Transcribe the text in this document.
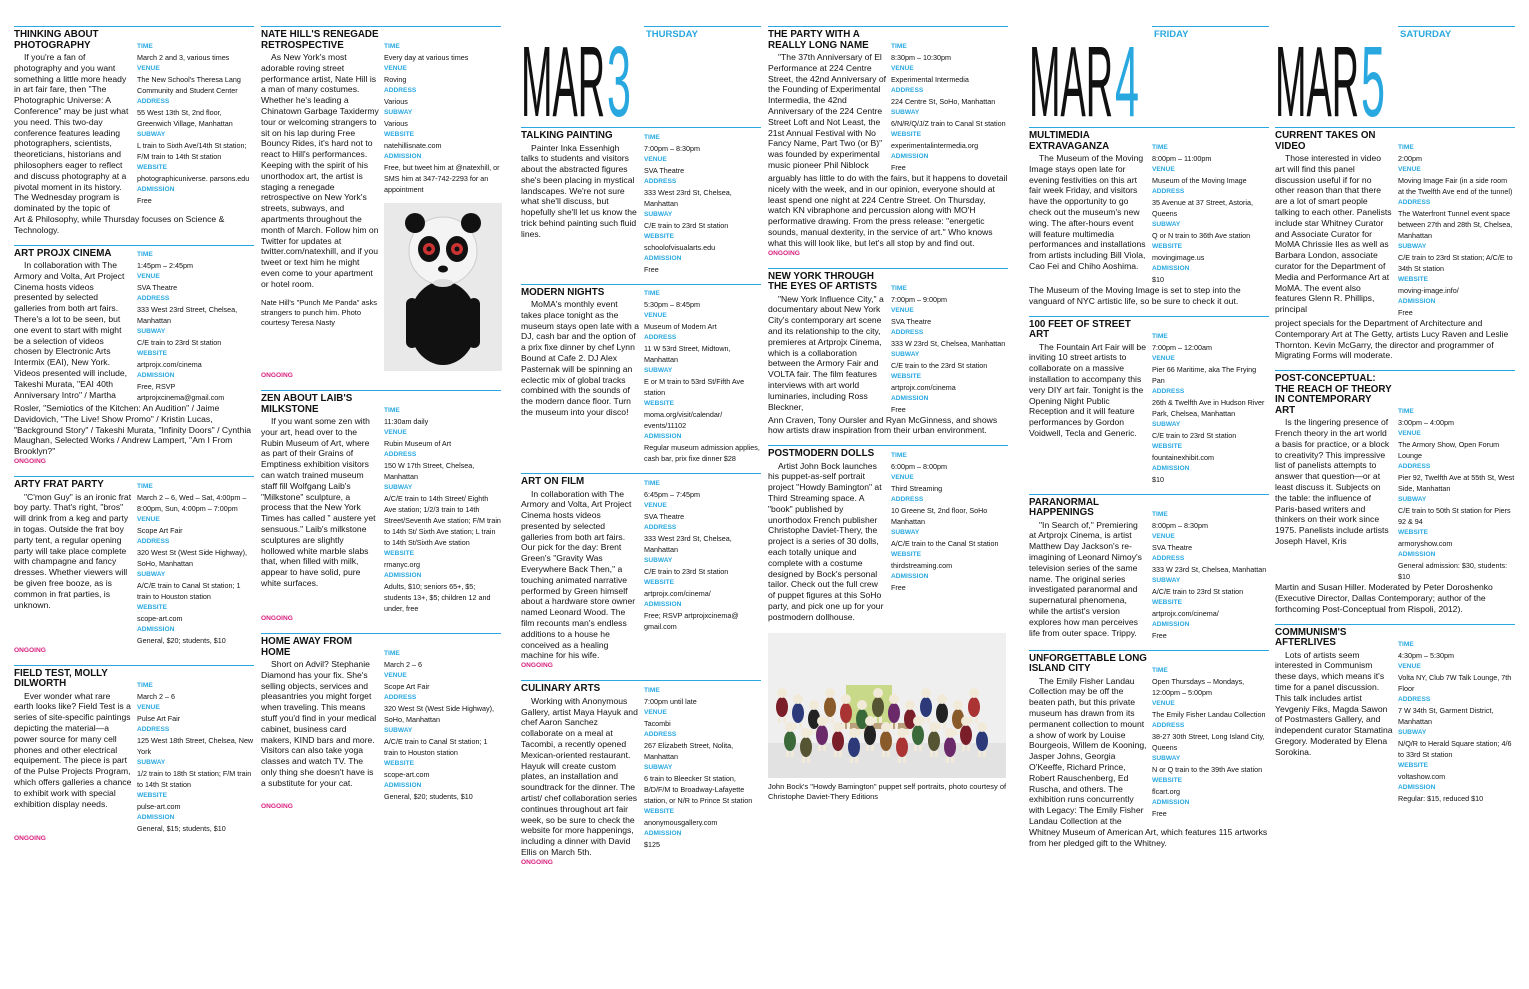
THINKING ABOUT PHOTOGRAPHY

If you're a fan of photography and you want something a little more heady in art fair fare, then "The Photographic Universe: A Conference" may be just what you need. This two-day conference features leading photographers, scientists, theoreticians, historians and philosophers eager to reflect and discuss photography at a pivotal moment in its history. The Wednesday program is dominated by the topic of

TIME
March 2 and 3, various times
VENUE
The New School's Theresa Lang Community and Student Center
ADDRESS
55 West 13th St, 2nd floor, Greenwich Village, Manhattan
SUBWAY
L train to Sixth Ave/14th St station; F/M train to 14th St station
WEBSITE
photographicuniverse. parsons.edu
ADMISSION
Free

Art & Philosophy, while Thursday focuses on Science & Technology.

ART PROJX CINEMA

In collaboration with The Armory and Volta, Art Project Cinema hosts videos presented by selected galleries from both art fairs. There's a lot to be seen, but one event to start with might be a selection of videos chosen by Electronic Arts Intermix (EAI), New York. Videos presented will include, Takeshi Murata, "EAI 40th Anniversary Intro" / Martha

TIME
1:45pm – 2:45pm
VENUE
SVA Theatre
ADDRESS
333 West 23rd Street, Chelsea, Manhattan
SUBWAY
C/E train to 23rd St station
WEBSITE
artprojx.com/cinema
ADMISSION
Free, RSVP artprojxcinema@gmail.com

Rosler, "Semiotics of the Kitchen: An Audition" / Jaime Davidovich, "The Live! Show Promo" / Kristin Lucas, "Background Story" / Takeshi Murata, "Infinity Doors" / Cynthia Maughan, Selected Works / Andrew Lampert, "Am I From Brooklyn?"

ONGOING
ARTY FRAT PARTY

"C'mon Guy" is an ironic frat boy party. That's right, "bros" will drink from a keg and party in togas. Outside the frat boy party tent, a regular opening party will take place complete with champagne and fancy dresses. Whether viewers will be given free booze, as is common in frat parties, is unknown.

TIME
March 2 – 6, Wed – Sat, 4:00pm – 8:00pm, Sun, 4:00pm – 7:00pm
VENUE
Scope Art Fair
ADDRESS
320 West St (West Side Highway), SoHo, Manhattan
SUBWAY
A/C/E train to Canal St station; 1 train to Houston station
WEBSITE
scope-art.com
ADMISSION
General, $20; students, $10
ONGOING
FIELD TEST, MOLLY DILWORTH

Ever wonder what rare earth looks like? Field Test is a series of site-specific paintings depicting the material—a power source for many cell phones and other electrical equipement. The piece is part of the Pulse Projects Program, which offers galleries a chance to exhibit work with special exhibition display needs.

TIME
March 2 – 6
VENUE
Pulse Art Fair
ADDRESS
125 West 18th Street, Chelsea, New York
SUBWAY
1/2 train to 18th St station; F/M train to 14th St station
WEBSITE
pulse-art.com
ADMISSION
General, $15; students, $10
ONGOING
NATE HILL'S RENEGADE RETROSPECTIVE

As New York's most adorable roving street performance artist, Nate Hill is a man of many costumes. Whether he's leading a Chinatown Garbage Taxidermy tour or welcoming strangers to sit on his lap during Free Bouncy Rides, it's hard not to react to Hill's performances. Keeping with the spirit of his unorthodox art, the artist is staging a renegade retrospective on New York's streets, subways, and apartments throughout the month of March. Follow him on Twitter for updates at twitter.com/natexhill, and if you tweet or text him he might even come to your apartment or hotel room.

Nate Hill's "Punch Me Panda" asks strangers to punch him. Photo courtesy Teresa Nasty
TIME
Every day at various times
VENUE
Roving
ADDRESS
Various
SUBWAY
Various
WEBSITE
natehillisnate.com
ADMISSION
Free, but tweet him at @natexhill, or SMS him at 347-742-2293 for an appointment
ONGOING
ZEN ABOUT LAIB'S MILKSTONE

If you want some zen with your art, head over to the Rubin Museum of Art, where as part of their Grains of Emptiness exhibition visitors can watch trained museum staff fill Wolfgang Laib's "Milkstone" sculpture, a process that the New York Times has called " austere yet sensuous." Laib's milkstone sculptures are slightly hollowed white marble slabs that, when filled with milk, appear to have solid, pure white surfaces.

TIME
11:30am daily
VENUE
Rubin Museum of Art
ADDRESS
150 W 17th Street, Chelsea, Manhattan
SUBWAY
A/C/E train to 14th Street/ Eighth Ave station; 1/2/3 train to 14th Street/Seventh Ave station; F/M train to 14th St/ Sixth Ave station; L train to 14th St/Sixth Ave station
WEBSITE
rmanyc.org
ADMISSION
Adults, $10; seniors 65+, $5; students 13+, $5; children 12 and under, free
ONGOING
HOME AWAY FROM HOME

Short on Advil? Stephanie Diamond has your fix. She's selling objects, services and pleasantries you might forget when traveling. This means stuff you'd find in your medical cabinet, business card makers, KIND bars and more. Visitors can also take yoga classes and watch TV. The only thing she doesn't have is a substitute for your cat.

TIME
March 2 – 6
VENUE
Scope Art Fair
ADDRESS
320 West St (West Side Highway), SoHo, Manhattan
SUBWAY
A/C/E train to Canal St station; 1 train to Houston station
WEBSITE
scope-art.com
ADMISSION
General, $20; students, $10
ONGOING
MAR 3 THURSDAY
TALKING PAINTING

Painter Inka Essenhigh talks to students and visitors about the abstracted figures she's been placing in mystical landscapes. We're not sure what she'll discuss, but hopefully she'll let us know the trick behind painting such fluid lines.

TIME
7:00pm – 8:30pm
VENUE
SVA Theatre
ADDRESS
333 West 23rd St, Chelsea, Manhattan
SUBWAY
C/E train to 23rd St station
WEBSITE
schoolofvisualarts.edu
ADMISSION
Free
MODERN NIGHTS

MoMA's monthly event takes place tonight as the museum stays open late with a DJ, cash bar and the option of a prix fixe dinner by chef Lynn Bound at Cafe 2. DJ Alex Pasternak will be spinning an eclectic mix of global tracks combined with the sounds of the modern dance floor. Turn the museum into your disco!

TIME
5:30pm – 8:45pm
VENUE
Museum of Modern Art
ADDRESS
11 W 53rd Street, Midtown, Manhattan
SUBWAY
E or M train to 53rd St/Fifth Ave station
WEBSITE
moma.org/visit/calendar/ events/11102
ADMISSION
Regular museum admission applies, cash bar, prix fixe dinner $28
ART ON FILM

In collaboration with The Armory and Volta, Art Project Cinema hosts videos presented by selected galleries from both art fairs. Our pick for the day: Brent Green's "Gravity Was Everywhere Back Then," a touching animated narrative performed by Green himself about a hardware store owner named Leonard Wood. The film recounts man's endless additions to a house he conceived as a healing machine for his wife.

TIME
6:45pm – 7:45pm
VENUE
SVA Theatre
ADDRESS
333 West 23rd St, Chelsea, Manhattan
SUBWAY
C/E train to 23rd St station
WEBSITE
artprojx.com/cinema/
ADMISSION
Free; RSVP artprojxcinema@ gmail.com
ONGOING
CULINARY ARTS

Working with Anonymous Gallery, artist Maya Hayuk and chef Aaron Sanchez collaborate on a meal at Tacombi, a recently opened Mexican-oriented restaurant. Hayuk will create custom plates, an installation and soundtrack for the dinner. The artist/ chef collaboration series continues throughout art fair week, so be sure to check the website for more happenings, including a dinner with David Ellis on March 5th.

TIME
7:00pm until late
VENUE
Tacombi
ADDRESS
267 Elizabeth Street, Nolita, Manhattan
SUBWAY
6 train to Bleecker St station, B/D/F/M to Broadway-Lafayette station, or N/R to Prince St station
WEBSITE
anonymousgallery.com
ADMISSION
$125
ONGOING
THE PARTY WITH A REALLY LONG NAME

"The 37th Anniversary of El Performance at 224 Centre Street, the 42nd Anniversary of the Founding of Experimental Intermedia, the 42nd Anniversary of the 224 Centre Street Loft and Not Least, the 21st Annual Festival with No Fancy Name, Part Two (or B)" was founded by experimental music pioneer Phil Niblock

TIME
8:30pm – 10:30pm
VENUE
Experimental Intermedia
ADDRESS
224 Centre St, SoHo, Manhattan
SUBWAY
6/N/R/Q/J/Z train to Canal St station
WEBSITE
experimentalintermedia.org
ADMISSION
Free

arguably has little to do with the fairs, but it happens to dovetail nicely with the week, and in our opinion, everyone should at least spend one night at 224 Centre Street. On Thursday, watch KN vibraphone and percussion along with MO'H performative drawing. From the press release: "energetic sounds, manual dexterity, in the service of art." Who knows what this will look like, but let's all stop by and find out.

ONGOING
NEW YORK THROUGH THE EYES OF ARTISTS

"New York Influence City," a documentary about New York City's contemporary art scene and its relationship to the city, premieres at Artprojx Cinema, which is a collaboration between the Armory Fair and VOLTA fair. The film features interviews with art world luminaries, including Ross Bleckner,

TIME
7:00pm – 9:00pm
VENUE
SVA Theatre
ADDRESS
333 W 23rd St, Chelsea, Manhattan
SUBWAY
C/E train to the 23rd St station
WEBSITE
artprojx.com/cinema
ADMISSION
Free

Ann Craven, Tony Oursler and Ryan McGinness, and shows how artists draw inspiration from their urban environment.

POSTMODERN DOLLS

Artist John Bock launches his puppet-as-self portrait project "Howdy Bamington" at Third Streaming space. A "book" published by unorthodox French publisher Christophe Daviet-Thery, the project is a series of 30 dolls, each totally unique and complete with a costume designed by Bock's personal tailor. Check out the full crew of puppet figures at this SoHo party, and pick one up for your postmodern dollhouse.

TIME
6:00pm – 8:00pm
VENUE
Third Streaming
ADDRESS
10 Greene St, 2nd floor, SoHo Manhattan
SUBWAY
A/C/E train to the Canal St station
WEBSITE
thirdstreaming.com
ADMISSION
Free
John Bock's "Howdy Bamington" puppet self portraits, photo courtesy of Christophe Daviet-Thery Editions
MAR 4 FRIDAY
MULTIMEDIA EXTRAVAGANZA

The Museum of the Moving Image stays open late for evening festivities on this art fair week Friday, and visitors have the opportunity to go check out the museum's new wing. The after-hours event will feature multimedia performances and installations from artists including Bill Viola, Cao Fei and Chiho Aoshima.

TIME
8:00pm – 11:00pm
VENUE
Museum of the Moving Image
ADDRESS
35 Avenue at 37 Street, Astoria, Queens
SUBWAY
Q or N train to 36th Ave station
WEBSITE
movingimage.us
ADMISSION
$10

The Museum of the Moving Image is set to step into the vanguard of NYC artistic life, so be sure to check it out.

100 FEET OF STREET ART

The Fountain Art Fair will be inviting 10 street artists to collaborate on a massive installation to accompany this very DIY art fair. Tonight is the Opening Night Public Reception and it will feature performances by Gordon Voidwell, Tecla and Generic.

TIME
7:00pm – 12:00am
VENUE
Pier 66 Maritime, aka The Frying Pan
ADDRESS
26th & Twelfth Ave in Hudson River Park, Chelsea, Manhattan
SUBWAY
C/E train to 23rd St station
WEBSITE
fountainexhibit.com
ADMISSION
$10
PARANORMAL HAPPENINGS

"In Search of," Premiering at Artprojx Cinema, is artist Matthew Day Jackson's re-imagining of Leonard Nimoy's television series of the same name. The original series investigated paranormal and supernatural phenomena, while the artist's version explores how man perceives life from outer space. Trippy.

TIME
8:00pm – 8:30pm
VENUE
SVA Theatre
ADDRESS
333 W 23rd St, Chelsea, Manhattan
SUBWAY
A/C/E train to 23rd St station
WEBSITE
artprojx.com/cinema/
ADMISSION
Free
UNFORGETTABLE LONG ISLAND CITY

The Emily Fisher Landau Collection may be off the beaten path, but this private museum has drawn from its permanent collection to mount a show of work by Louise Bourgeois, Willem de Kooning, Jasper Johns, Georgia O'Keeffe, Richard Prince, Robert Rauschenberg, Ed Ruscha, and others. The exhibition runs concurrently with Legacy: The Emily Fisher Landau Collection at the

TIME
Open Thursdays – Mondays, 12:00pm – 5:00pm
VENUE
The Emily Fisher Landau Collection
ADDRESS
38-27 30th Street, Long Island City, Queens
SUBWAY
N or Q train to the 39th Ave station
WEBSITE
flcart.org
ADMISSION
Free

Whitney Museum of American Art, which features 115 artworks from her pledged gift to the Whitney.

MAR 5 SATURDAY
CURRENT TAKES ON VIDEO

Those interested in video art will find this panel discussion useful if for no other reason than that there are a lot of smart people talking to each other. Panelists include star Whitney Curator and Associate Curator for MoMA Chrissie Iles as well as Barbara London, associate curator for the Department of Media and Performance Art at MoMA. The event also features Glenn R. Phillips, principal

TIME
2:00pm
VENUE
Moving Image Fair (in a side room at the Twelfth Ave end of the tunnel)
ADDRESS
The Waterfront Tunnel event space between 27th and 28th St, Chelsea, Manhattan
SUBWAY
C/E train to 23rd St station; A/C/E to 34th St station
WEBSITE
moving-image.info/
ADMISSION
Free

project specials for the Department of Architecture and Contemporary Art at The Getty, artists Lucy Raven and Leslie Thornton. Kevin McGarry, the director and programmer of Migrating Forms will moderate.

POST-CONCEPTUAL: THE REACH OF THEORY IN CONTEMPORARY ART

Is the lingering presence of French theory in the art world a basis for practice, or a block to creativity? This impressive list of panelists attempts to answer that question—or at least discuss it. Subjects on the table: the influence of Paris-based writers and thinkers on their work since 1975. Panelists include artists Joseph Havel, Kris

TIME
3:00pm – 4:00pm
VENUE
The Armory Show, Open Forum Lounge
ADDRESS
Pier 92, Twelfth Ave at 55th St, West Side, Manhattan
SUBWAY
C/E train to 50th St station for Piers 92 & 94
WEBSITE
armoryshow.com
ADMISSION
General admission: $30, students: $10

Martin and Susan Hiller. Moderated by Peter Doroshenko (Executive Director, Dallas Contemporary; author of the forthcoming Post-Conceptual from Rispoli, 2012).

COMMUNISM'S AFTERLIVES

Lots of artists seem interested in Communism these days, which means it's time for a panel discussion. This talk includes artist Yevgeniy Fiks, Magda Sawon of Postmasters Gallery, and independent curator Stamatina Gregory. Moderated by Elena Sorokina.

TIME
4:30pm – 5:30pm
VENUE
Volta NY, Club 7W Talk Lounge, 7th Floor
ADDRESS
7 W 34th St, Garment District, Manhattan
SUBWAY
N/Q/R to Herald Square station; 4/6 to 33rd St station
WEBSITE
voltashow.com
ADMISSION
Regular: $15, reduced $10
